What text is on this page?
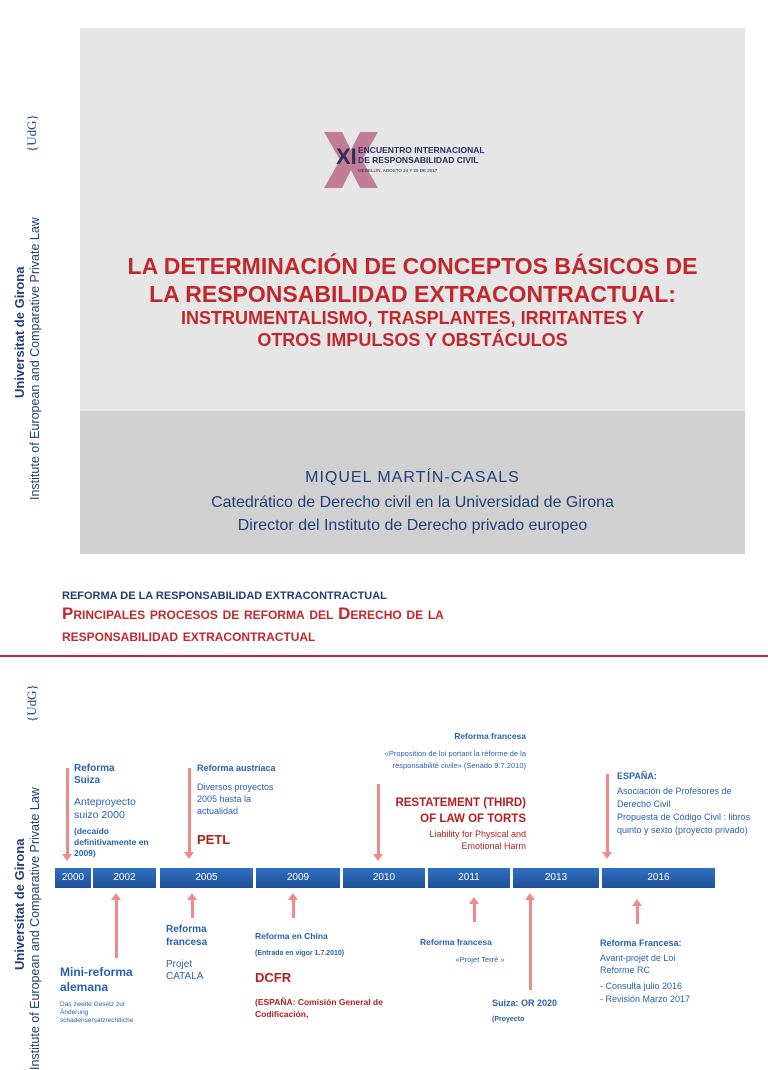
{UdG}
Universitat de Girona Institute of European and Comparative Private Law
XI ENCUENTRO INTERNACIONAL
DE RESPONSABILIDAD CIVIL
MEDELLÍN, AGOSTO 24 Y 25 DE 2017
LA DETERMINACIÓN DE CONCEPTOS BÁSICOS DE
LA RESPONSABILIDAD EXTRACONTRACTUAL:
INSTRUMENTALISMO, TRASPLANTES, IRRITANTES Y
OTROS IMPULSOS Y OBSTÁCULOS
MIQUEL MARTÍN-CASALS
Catedrático de Derecho civil en la Universidad de Girona
Director del Instituto de Derecho privado europeo
REFORMA DE LA RESPONSABILIDAD EXTRACONTRACTUAL
Principales procesos de reforma del Derecho de la
responsabilidad extracontractual
{UdG}
Universitat de Girona Institute of European and Comparative Private Law	2000	2002	2005	2009	2010	2011	2013	2016
Reforma Suiza
Anteproyecto suizo 2000
(decaído definitivamente en 2009)
Reforma austríaca
Diversos proyectos 2005 hasta la actualidad
PETL
Reforma francesa
«Proposition de loi portant la réforme de la responsabilité civile» (Senado 9.7.2010)
RESTATEMENT (THIRD) OF LAW OF TORTS
Liability for Physical and Emotional Harm
ESPAÑA:
Asociación de Profesores de Derecho Civil
Propuesta de Código Civil : libros quinto y sexto (proyecto privado)
Mini-reforma alemana
Das zweite Gesetz zur Änderung schadensersatzrechtliche
Reforma francesa
Projet CATALA
Reforma en China
(Entrada en vigor 1.7.2010)
DCFR
(ESPAÑA: Comisión General de Codificación,
Reforma francesa
«Projet Terré »
Suiza: OR 2020
(Proyecto
Reforma Francesa:
Avant-projet de Loi Reforme RC
- Consulta julio 2016
- Revisión Marzo 2017
